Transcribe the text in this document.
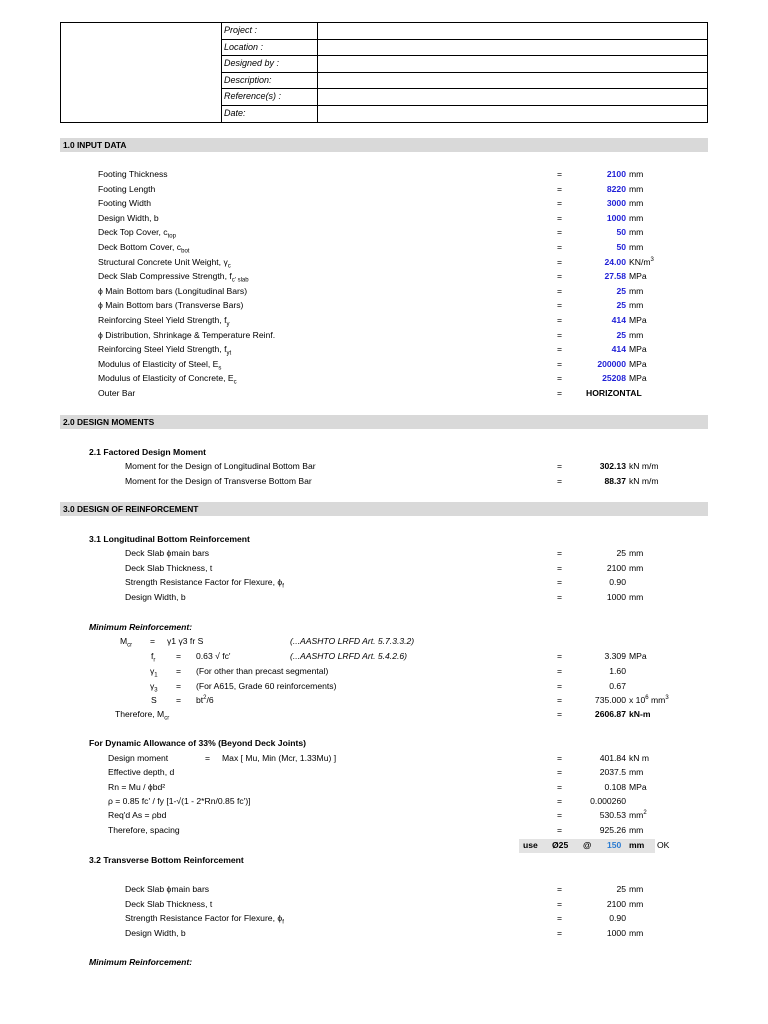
	Project :	
	Location :	
	Designed by :	
	Description:	
	Reference(s) :	
	Date:	
1.0 INPUT DATA
2.0 DESIGN MOMENTS
3.0 DESIGN OF REINFORCEMENT
Footing Thickness	=	2100 mm
Footing Length	=	8220 mm
Footing Width	=	3000 mm
Design Width, b	=	1000 mm
Deck Top Cover, $c_{top}$	=	50 mm
Deck Bottom Cover, $c_{bot}$	=	50 mm
Structural Concrete Unit Weight, $\gamma_c$	=	24.00 $KN/m^3$
Deck Slab Compressive Strength, $f_{c' slab}$	=	27.58 MPa
ϕ Main Bottom bars (Longitudinal Bars)	=	25 mm
ϕ Main Bottom bars (Transverse Bars)	=	25 mm
Reinforcing Steel Yield Strength, $f_y$	=	414 MPa
ϕ Distribution, Shrinkage & Temperature Reinf.	=	25 mm
Reinforcing Steel Yield Strength, $f_{yt}$	=	414 MPa
Modulus of Elasticity of Steel, $E_s$	=	200000 MPa
Modulus of Elasticity of Concrete, $E_c$	=	25208 MPa
Outer Bar	=	HORIZONTAL
2.1 Factored Design Moment
Moment for the Design of Longitudinal Bottom Bar	=	302.13 kN m/m
Moment for the Design of Transverse Bottom Bar	=	88.37 kN m/m
3.1 Longitudinal Bottom Reinforcement
Deck Slab ϕmain bars	=	25 mm
Deck Slab Thickness, t	=	2100 mm
Strength Resistance Factor for Flexure, $\phi_f$	=	0.90
Design Width, b	=	1000 mm
Minimum Reinforcement:
$M_{cr} = \gamma 1$ γ3 fr S	(...AASHTO LRFD Art. 5.7.3.3.2)
$f_r = 0.63$ √ fc'	(...AASHTO LRFD Art. 5.4.2.6)	=	3.309 MPa
$\gamma_1 = (For$ other than precast segmental)	=	1.60
$\gamma_3 = (For$ A615, Grade 60 reinforcements)	=	0.67
$S = bt^2/6$	=	735.000 x $10^6$ $mm^3$
Therefore, $M_{cr}$	=	2606.87 kN-m
For Dynamic Allowance of 33% (Beyond Deck Joints)
Design moment	= Max [ Mu, Min (Mcr, 1.33Mu) ]	=	401.84 kN m
Effective depth, d	=	2037.5 mm
Rn = Mu / ϕbd²	=	0.108 MPa
ρ = 0.85 fc' / fy [1-√(1 - 2*Rn/0.85 fc')]	=	0.000260
Req'd As = ρbd	=	530.53 $mm^2$
Therefore, spacing	=	925.26 mm
use Ø25 @ 150 mm OK
3.2 Transverse Bottom Reinforcement
Deck Slab ϕmain bars	=	25 mm
Deck Slab Thickness, t	=	2100 mm
Strength Resistance Factor for Flexure, $\phi_f$	=	0.90
Design Width, b	=	1000 mm
Minimum Reinforcement:
